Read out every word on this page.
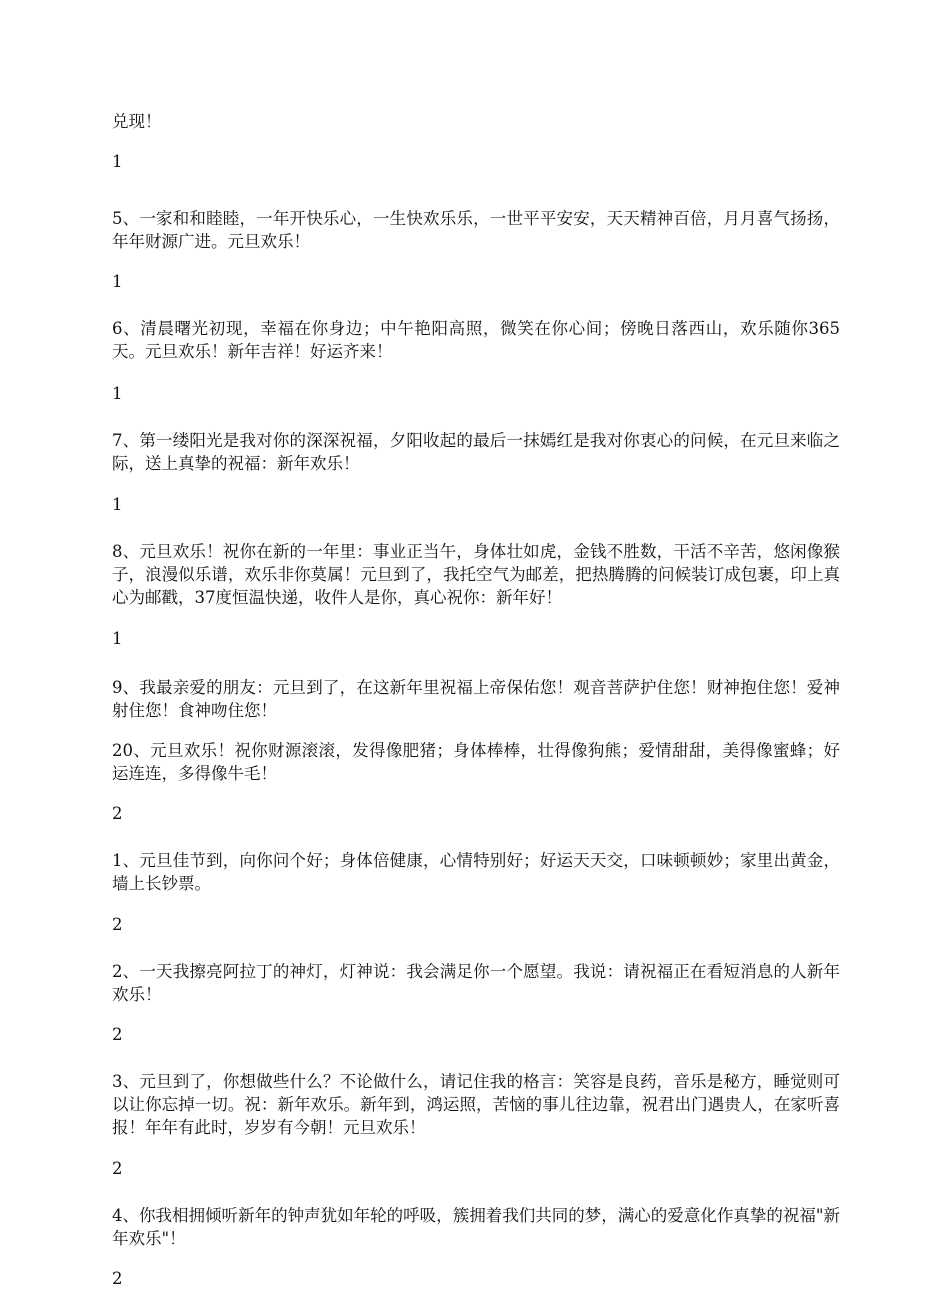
兑现！

1

5、一家和和睦睦，一年开快乐心，一生快欢乐乐，一世平平安安，天天精神百倍，月月喜气扬扬，年年财源广进。元旦欢乐！

1

6、清晨曙光初现，幸福在你身边；中午艳阳高照，微笑在你心间；傍晚日落西山，欢乐随你365天。元旦欢乐！新年吉祥！好运齐来！

1

7、第一缕阳光是我对你的深深祝福，夕阳收起的最后一抹嫣红是我对你衷心的问候，在元旦来临之际，送上真挚的祝福：新年欢乐！

1

8、元旦欢乐！祝你在新的一年里：事业正当午，身体壮如虎，金钱不胜数，干活不辛苦，悠闲像猴子，浪漫似乐谱，欢乐非你莫属！元旦到了，我托空气为邮差，把热腾腾的问候装订成包裹，印上真心为邮戳，37度恒温快递，收件人是你，真心祝你：新年好！

1

9、我最亲爱的朋友：元旦到了，在这新年里祝福上帝保佑您！观音菩萨护住您！财神抱住您！爱神射住您！食神吻住您！

20、元旦欢乐！祝你财源滚滚，发得像肥猪；身体棒棒，壮得像狗熊；爱情甜甜，美得像蜜蜂；好运连连，多得像牛毛！

2

1、元旦佳节到，向你问个好；身体倍健康，心情特别好；好运天天交，口味顿顿妙；家里出黄金，墙上长钞票。

2

2、一天我擦亮阿拉丁的神灯，灯神说：我会满足你一个愿望。我说：请祝福正在看短消息的人新年欢乐！

2

3、元旦到了，你想做些什么？不论做什么，请记住我的格言：笑容是良药，音乐是秘方，睡觉则可以让你忘掉一切。祝：新年欢乐。新年到，鸿运照，苦恼的事儿往边靠，祝君出门遇贵人，在家听喜报！年年有此时，岁岁有今朝！元旦欢乐！

2

4、你我相拥倾听新年的钟声犹如年轮的呼吸，簇拥着我们共同的梦，满心的爱意化作真挚的祝福"新年欢乐"！

2
